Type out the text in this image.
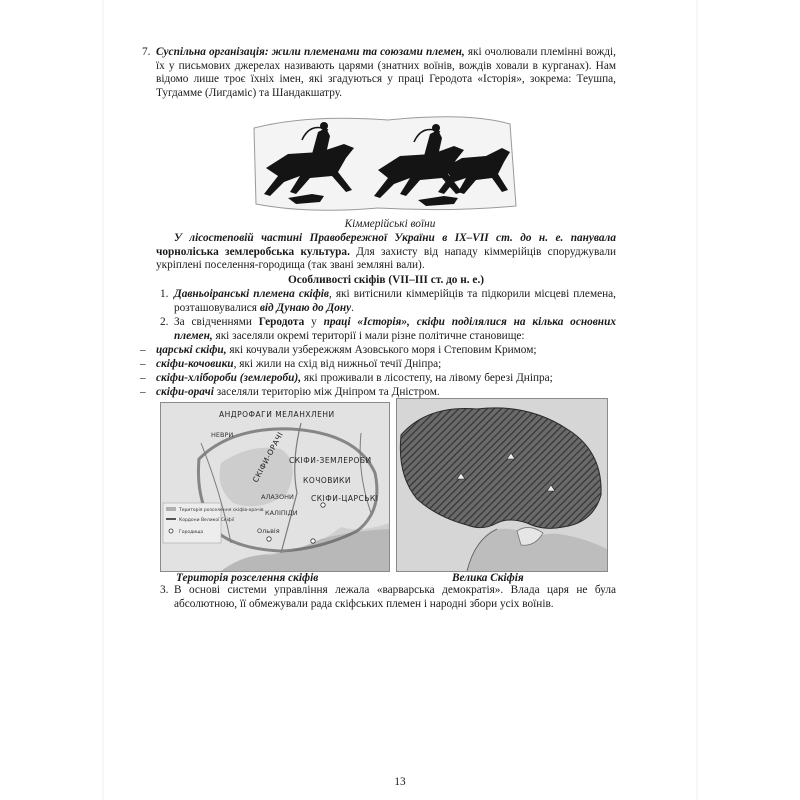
7. Суспільна організація: жили племенами та союзами племен, які очолювали племінні вожді, їх у письмових джерелах називають царями (знатних воїнів, вождів ховали в курганах). Нам відомо лише троє їхніх імен, які згадуються у праці Геродота «Історія», зокрема: Теушпа, Тугдамме (Лигдаміс) та Шандакшатру.
Кіммерійські воїни
У лісостеповій частині Правобережної України в ІХ–VІІ ст. до н. е. панувала чорноліська землеробська культура. Для захисту від нападу кіммерійців споруджували укріплені поселення-городища (так звані земляні вали).
Особливості скіфів (VІІ–ІІІ ст. до н. е.)
1. Давньоіранські племена скіфів, які витіснили кіммерійців та підкорили місцеві племена, розташовувалися від Дунаю до Дону.
2. За свідченнями Геродота у праці «Історія», скіфи поділялися на кілька основних племен, які заселяли окремі території і мали різне політичне становище:
– царські скіфи, які кочували узбережжям Азовського моря і Степовим Кримом;
– скіфи-кочовики, які жили на схід від нижньої течії Дніпра;
– скіфи-хлібороби (землероби), які проживали в лісостепу, на лівому березі Дніпра;
– скіфи-орачі заселяли територію між Дніпром та Дністром.
АНДРОФАГИ МЕЛАНХЛЕНИ
СКІФИ-ОРАЧІ СКІФИ-ЗЕМЛЕРОБИ
КОЧОВИКИ
СКІФИ-ЦАРСЬКІ
АЛАЗОНИ
КАЛІПІДИ
НЕВРИ
Територія розселення скіфів-орачів
Кордони Великої Скіфії
Городища	Ольвія
Територія розселення скіфів	Велика Скіфія
3. В основі системи управління лежала «варварська демократія». Влада царя не була абсолютною, її обмежували рада скіфських племен і народні збори усіх воїнів.
13
